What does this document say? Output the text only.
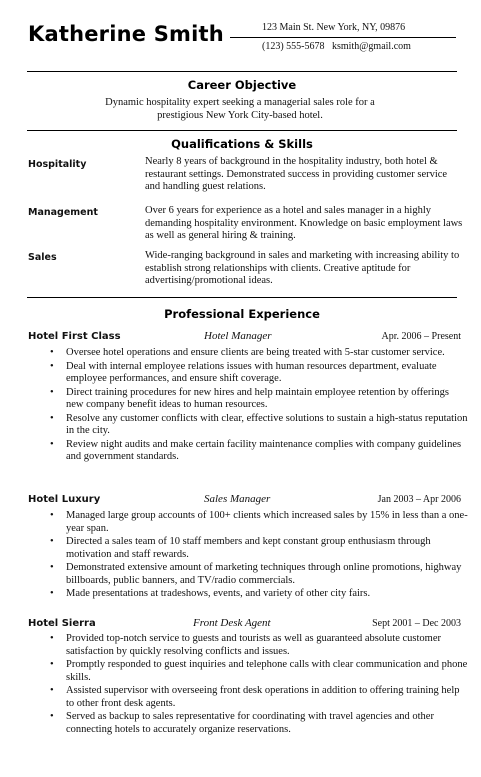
Katherine Smith	123 Main St. New York, NY, 09876
(123) 555-5678 ksmith@gmail.com
Career Objective
Dynamic hospitality expert seeking a managerial sales role for a prestigious New York City-based hotel.
Qualifications & Skills
Hospitality	Nearly 8 years of background in the hospitality industry, both hotel & restaurant settings. Demonstrated success in providing customer service and handling guest relations.
Management	Over 6 years for experience as a hotel and sales manager in a highly demanding hospitality environment. Knowledge on basic employment laws as well as general hiring & training.
Sales	Wide-ranging background in sales and marketing with increasing ability to establish strong relationships with clients. Creative aptitude for advertising/promotional ideas.
Professional Experience
Hotel First Class	Hotel Manager	Apr. 2006 – Present
• Oversee hotel operations and ensure clients are being treated with 5-star customer service.
• Deal with internal employee relations issues with human resources department, evaluate employee performances, and ensure shift coverage.
• Direct training procedures for new hires and help maintain employee retention by offerings new company benefit ideas to human resources.
• Resolve any customer conflicts with clear, effective solutions to sustain a high-status reputation in the city.
• Review night audits and make certain facility maintenance complies with company guidelines and government standards.
Hotel Luxury	Sales Manager	Jan 2003 – Apr 2006
• Managed large group accounts of 100+ clients which increased sales by 15% in less than a one-year span.
• Directed a sales team of 10 staff members and kept constant group enthusiasm through motivation and staff rewards.
• Demonstrated extensive amount of marketing techniques through online promotions, highway billboards, public banners, and TV/radio commercials.
• Made presentations at tradeshows, events, and variety of other city fairs.
Hotel Sierra	Front Desk Agent	Sept 2001 – Dec 2003
• Provided top-notch service to guests and tourists as well as guaranteed absolute customer satisfaction by quickly resolving conflicts and issues.
• Promptly responded to guest inquiries and telephone calls with clear communication and phone skills.
• Assisted supervisor with overseeing front desk operations in addition to offering training help to other front desk agents.
• Served as backup to sales representative for coordinating with travel agencies and other connecting hotels to accurately organize reservations.
